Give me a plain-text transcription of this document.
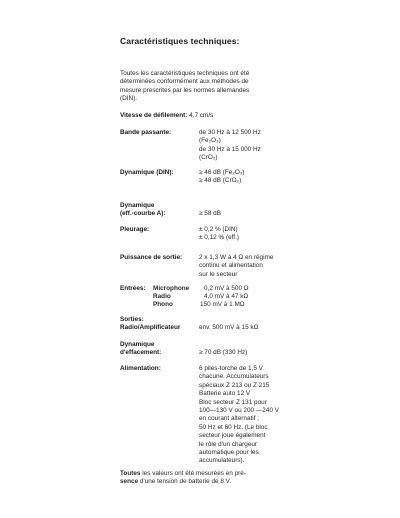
Caractéristiques techniques:
Toutes les caractéristiques techniques ont été
déterminées conformément aux méthodes de
mesure prescrites par les normes allemandes
(DIN).
Vitesse de défilement: 4,7 cm/s
Bande passante:	de 30 Hz à 12 500 Hz
(Fe₂O₃)
de 30 Hz à 15 000 Hz
(CrO₂)
Dynamique (DIN):	≥ 46 dB (Fe₂O₃)
≥ 48 dB (CrO₂)
Dynamique
(eff.-courbe A):	≥ 58 dB
Pleurage:	± 0,2 % (DIN)
± 0,12 % (eff.)
Puissance de sortie:	2 x 1,3 W à 4 Ω en régime
continu et alimentation
sur le secteur
Entrées: Microphone 0,2 mV à 500 Ω
Radio	4,0 mV à 47 kΩ
Phono	150 mV à 1 MΩ
Sorties:
Radio/Amplificateur	env. 500 mV à 15 kΩ
Dynamique
d'effacement:	≥ 70 dB (330 Hz)
Alimentation:	6 piles-torche de 1,5 V
chacune. Accumulateurs
spéciaux Z 213 ou Z 215
Batterie auto 12 V
Bloc secteur Z 131 pour
100—130 V ou 200 —240 V
en courant alternatif ;
50 Hz et 60 Hz. (Le bloc
secteur joue également
le rôle d'un chargeur
automatique pour les
accumulateurs).
Toutes les valeurs ont été mesurées en pré-
sence d'une tension de batterie de 8 V.
